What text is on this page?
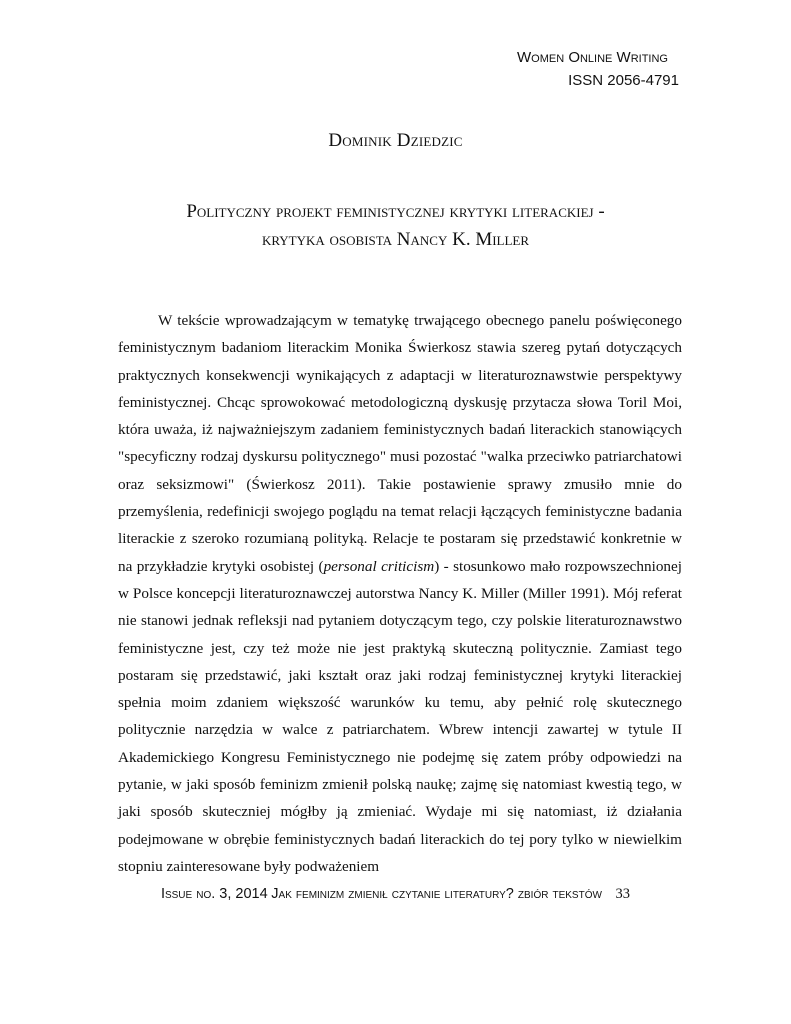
Women Online Writing
ISSN 2056-4791
Dominik Dziedzic
Polityczny projekt feministycznej krytyki literackiej -
krytyka osobista Nancy K. Miller

W tekście wprowadzającym w tematykę trwającego obecnego panelu poświęconego feministycznym badaniom literackim Monika Świerkosz stawia szereg pytań dotyczących praktycznych konsekwencji wynikających z adaptacji w literaturoznawstwie perspektywy feministycznej. Chcąc sprowokować metodologiczną dyskusję przytacza słowa Toril Moi, która uważa, iż najważniejszym zadaniem feministycznych badań literackich stanowiących "specyficzny rodzaj dyskursu politycznego" musi pozostać "walka przeciwko patriarchatowi oraz seksizmowi" (Świerkosz 2011). Takie postawienie sprawy zmusiło mnie do przemyślenia, redefinicji swojego poglądu na temat relacji łączących feministyczne badania literackie z szeroko rozumianą polityką. Relacje te postaram się przedstawić konkretnie w na przykładzie krytyki osobistej (personal criticism) - stosunkowo mało rozpowszechnionej w Polsce koncepcji literaturoznawczej autorstwa Nancy K. Miller (Miller 1991). Mój referat nie stanowi jednak refleksji nad pytaniem dotyczącym tego, czy polskie literaturoznawstwo feministyczne jest, czy też może nie jest praktyką skuteczną politycznie. Zamiast tego postaram się przedstawić, jaki kształt oraz jaki rodzaj feministycznej krytyki literackiej spełnia moim zdaniem większość warunków ku temu, aby pełnić rolę skutecznego politycznie narzędzia w walce z patriarchatem. Wbrew intencji zawartej w tytule II Akademickiego Kongresu Feministycznego nie podejmę się zatem próby odpowiedzi na pytanie, w jaki sposób feminizm zmienił polską naukę; zajmę się natomiast kwestią tego, w jaki sposób skuteczniej mógłby ją zmieniać. Wydaje mi się natomiast, iż działania podejmowane w obrębie feministycznych badań literackich do tej pory tylko w niewielkim stopniu zainteresowane były podważeniem

Issue no. 3, 2014 Jak feminizm zmienił czytanie literatury? zbiór tekstów 33
